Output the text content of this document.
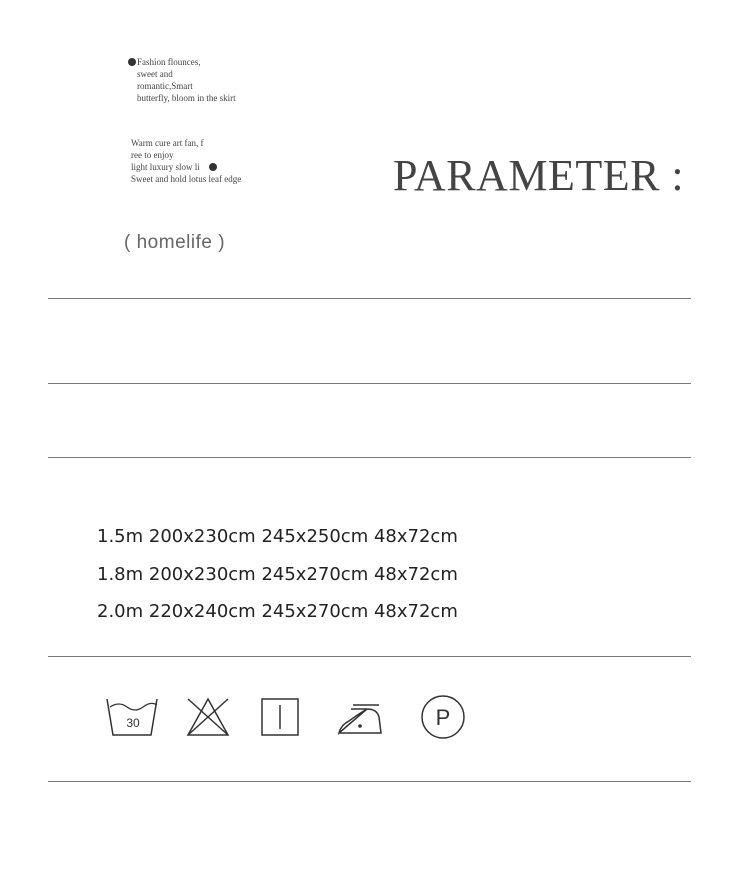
Fashion flounces,
sweet and
romantic,Smart
butterfly, bloom in the skirt
Warm cure art fan, f
ree to enjoy
light luxury slow li
Sweet and hold lotus leaf edge
( homelife )
PARAMETER :
1.5m 200x230cm 245x250cm 48x72cm
1.8m 200x230cm 245x270cm 48x72cm
2.0m 220x240cm 245x270cm 48x72cm
30	P
